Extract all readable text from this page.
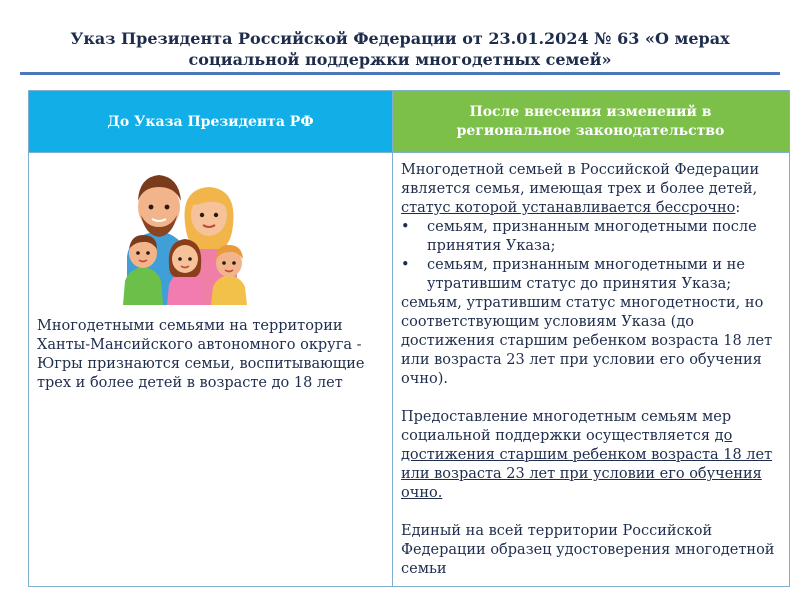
Указ Президента Российской Федерации от 23.01.2024 № 63 «О мерах социальной поддержки многодетных семей»
До Указа Президента РФ
После внесения изменений в региональное законодательство
Многодетными семьями на территории Ханты-Мансийского автономного округа - Югры признаются семьи, воспитывающие трех и более детей в возрасте до 18 лет

Многодетной семьей в Российской Федерации является семья, имеющая трех и более детей, статус которой устанавливается бессрочно:

• семьям, признанным многодетными после принятия Указа;
• семьям, признанным многодетными и не утратившим статус до принятия Указа;

семьям, утратившим статус многодетности, но соответствующим условиям Указа (до достижения старшим ребенком возраста 18 лет или возраста 23 лет при условии его обучения очно).

Предоставление многодетным семьям мер социальной поддержки осуществляется до достижения старшим ребенком возраста 18 лет или возраста 23 лет при условии его обучения очно.

Единый на всей территории Российской Федерации образец удостоверения многодетной семьи
